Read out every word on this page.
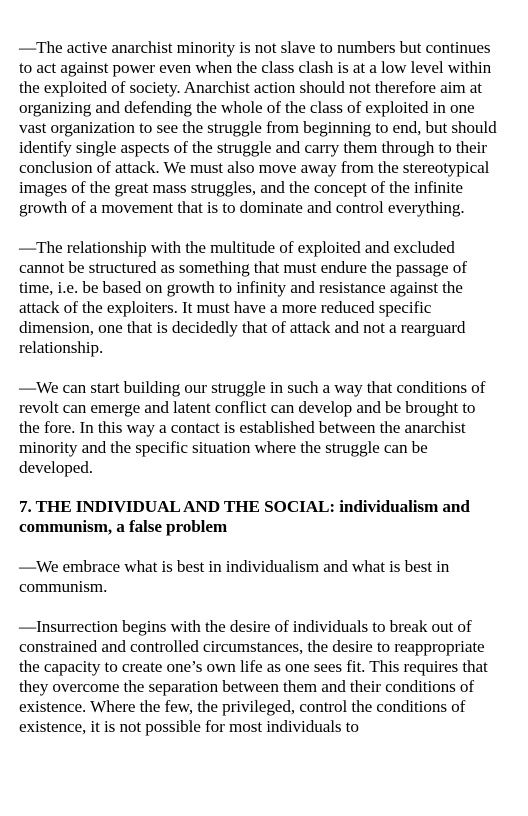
—The active anarchist minority is not slave to numbers but continues to act against power even when the class clash is at a low level within the exploited of society. Anarchist action should not therefore aim at organizing and defending the whole of the class of exploited in one vast organization to see the struggle from beginning to end, but should identify single aspects of the struggle and carry them through to their conclusion of attack. We must also move away from the stereotypical images of the great mass struggles, and the concept of the infinite growth of a movement that is to dominate and control everything.

—The relationship with the multitude of exploited and excluded cannot be structured as something that must endure the passage of time, i.e. be based on growth to infinity and resistance against the attack of the exploiters. It must have a more reduced specific dimension, one that is decidedly that of attack and not a rearguard relationship.

—We can start building our struggle in such a way that conditions of revolt can emerge and latent conflict can develop and be brought to the fore. In this way a contact is established between the anarchist minority and the specific situation where the struggle can be developed.

7. THE INDIVIDUAL AND THE SOCIAL: individualism and communism, a false problem

—We embrace what is best in individualism and what is best in communism.

—Insurrection begins with the desire of individuals to break out of constrained and controlled circumstances, the desire to reappropriate the capacity to create one’s own life as one sees fit. This requires that they overcome the separation between them and their conditions of existence. Where the few, the privileged, control the conditions of existence, it is not possible for most individuals to
